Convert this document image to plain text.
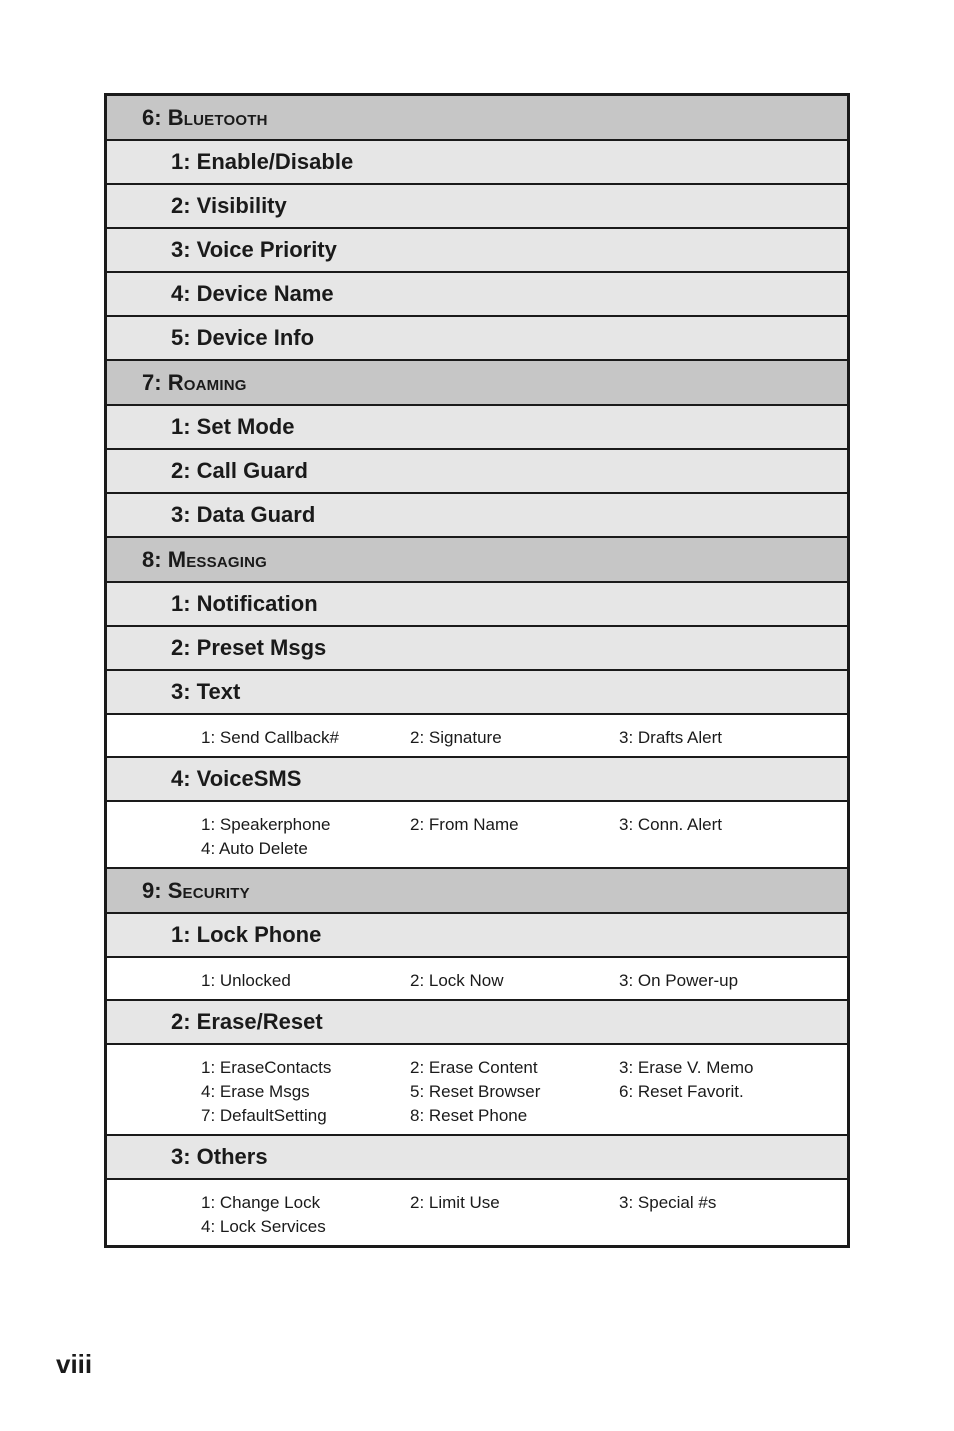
6: Bluetooth
1: Enable/Disable
2: Visibility
3: Voice Priority
4: Device Name
5: Device Info
7: Roaming
1: Set Mode
2: Call Guard
3: Data Guard
8: Messaging
1: Notification
2: Preset Msgs
3: Text
1: Send Callback#	2: Signature	3: Drafts Alert
4: VoiceSMS
1: Speakerphone	2: From Name	3: Conn. Alert
4: Auto Delete
9: Security
1: Lock Phone
1: Unlocked	2: Lock Now	3: On Power-up
2: Erase/Reset
1: EraseContacts	2: Erase Content	3: Erase V. Memo
4: Erase Msgs	5: Reset Browser	6: Reset Favorit.
7: DefaultSetting	8: Reset Phone
3: Others
1: Change Lock	2: Limit Use	3: Special #s
4: Lock Services
viii
